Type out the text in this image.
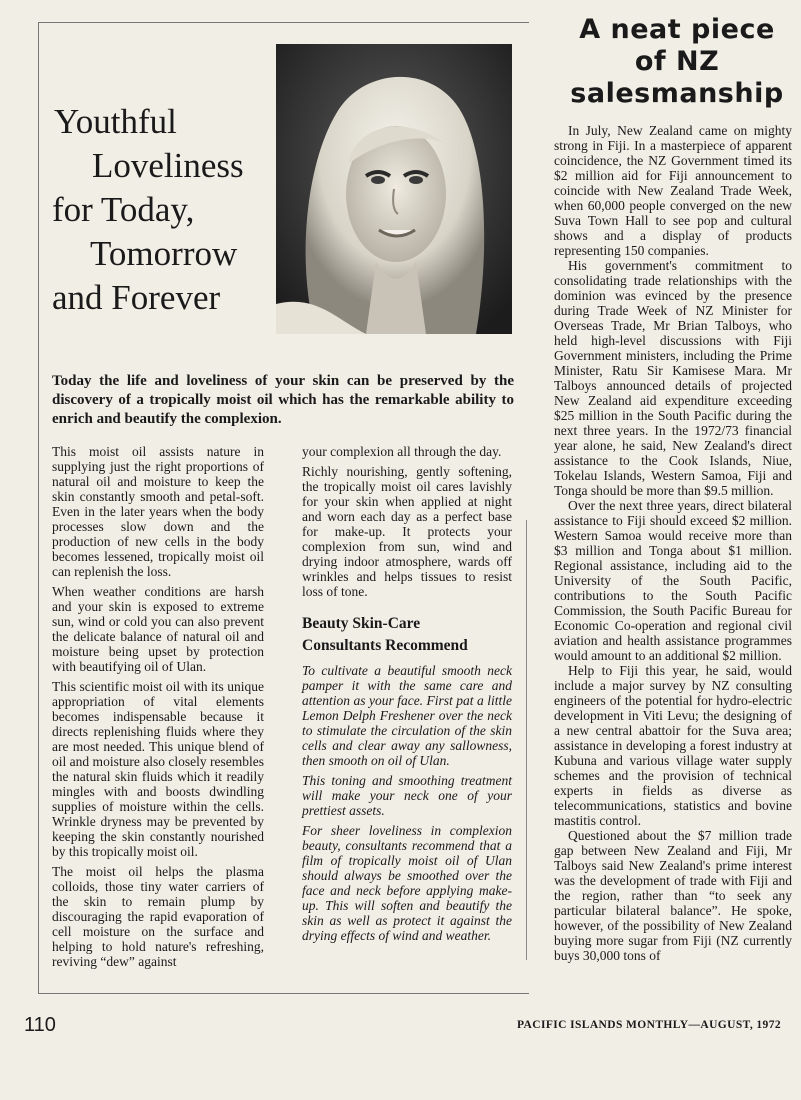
Youthful
Loveliness
for Today,
Tomorrow
and Forever

Today the life and loveliness of your skin can be preserved by the discovery of a tropically moist oil which has the remarkable ability to enrich and beautify the complexion.

This moist oil assists nature in supplying just the right proportions of natural oil and moisture to keep the skin constantly smooth and petal-soft. Even in the later years when the body processes slow down and the production of new cells in the body becomes lessened, tropically moist oil can replenish the loss.

When weather conditions are harsh and your skin is exposed to extreme sun, wind or cold you can also prevent the delicate balance of natural oil and moisture being upset by protection with beautifying oil of Ulan.

This scientific moist oil with its unique appropriation of vital elements becomes indispensable because it directs replenishing fluids where they are most needed. This unique blend of oil and moisture also closely resembles the natural skin fluids which it readily mingles with and boosts dwindling supplies of moisture within the cells. Wrinkle dryness may be prevented by keeping the skin constantly nourished by this tropically moist oil.

The moist oil helps the plasma colloids, those tiny water carriers of the skin to remain plump by discouraging the rapid evaporation of cell moisture on the surface and helping to hold nature's refreshing, reviving “dew” against

your complexion all through the day.

Richly nourishing, gently softening, the tropically moist oil cares lavishly for your skin when applied at night and worn each day as a perfect base for make-up. It protects your complexion from sun, wind and drying indoor atmosphere, wards off wrinkles and helps tissues to resist loss of tone.

Beauty Skin-Care
Consultants Recommend

To cultivate a beautiful smooth neck pamper it with the same care and attention as your face. First pat a little Lemon Delph Freshener over the neck to stimulate the circulation of the skin cells and clear away any sallowness, then smooth on oil of Ulan.

This toning and smoothing treatment will make your neck one of your prettiest assets.

For sheer loveliness in complexion beauty, consultants recommend that a film of tropically moist oil of Ulan should always be smoothed over the face and neck before applying make-up. This will soften and beautify the skin as well as protect it against the drying effects of wind and weather.

A neat piece
of NZ
salesmanship

In July, New Zealand came on mighty strong in Fiji. In a masterpiece of apparent coincidence, the NZ Government timed its $2 million aid for Fiji announcement to coincide with New Zealand Trade Week, when 60,000 people converged on the new Suva Town Hall to see pop and cultural shows and a display of products representing 150 companies.

His government's commitment to consolidating trade relationships with the dominion was evinced by the presence during Trade Week of NZ Minister for Overseas Trade, Mr Brian Talboys, who held high-level discussions with Fiji Government ministers, including the Prime Minister, Ratu Sir Kamisese Mara. Mr Talboys announced details of projected New Zealand aid expenditure exceeding $25 million in the South Pacific during the next three years. In the 1972/73 financial year alone, he said, New Zealand's direct assistance to the Cook Islands, Niue, Tokelau Islands, Western Samoa, Fiji and Tonga should be more than $9.5 million.

Over the next three years, direct bilateral assistance to Fiji should exceed $2 million. Western Samoa would receive more than $3 million and Tonga about $1 million. Regional assistance, including aid to the University of the South Pacific, contributions to the South Pacific Commission, the South Pacific Bureau for Economic Co-operation and regional civil aviation and health assistance programmes would amount to an additional $2 million.

Help to Fiji this year, he said, would include a major survey by NZ consulting engineers of the potential for hydro-electric development in Viti Levu; the designing of a new central abattoir for the Suva area; assistance in developing a forest industry at Kubuna and various village water supply schemes and the provision of technical experts in fields as diverse as telecommunications, statistics and bovine mastitis control.

Questioned about the $7 million trade gap between New Zealand and Fiji, Mr Talboys said New Zealand's prime interest was the development of trade with Fiji and the region, rather than “to seek any particular bilateral balance”. He spoke, however, of the possibility of New Zealand buying more sugar from Fiji (NZ currently buys 30,000 tons of

110	PACIFIC ISLANDS MONTHLY—AUGUST, 1972
